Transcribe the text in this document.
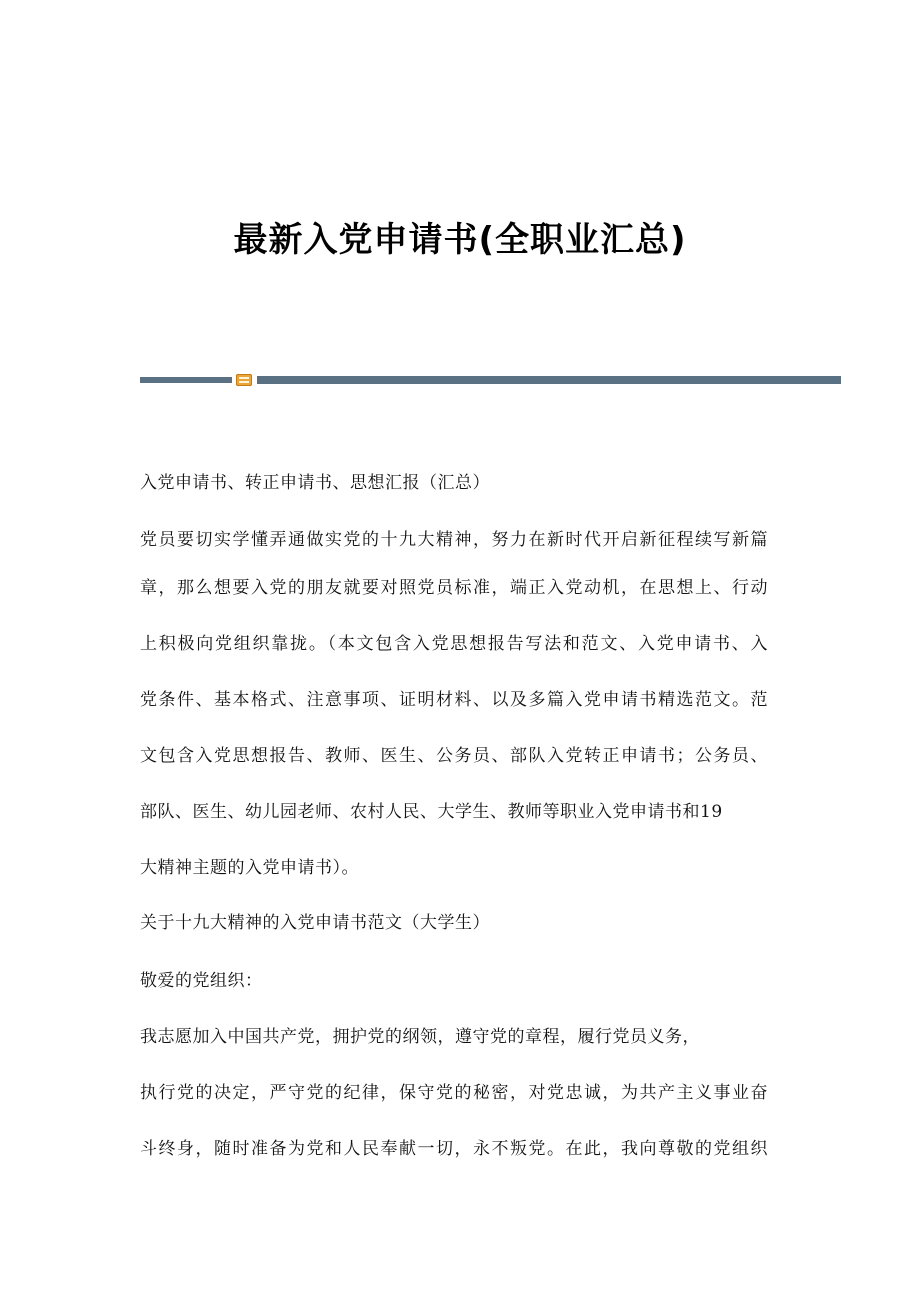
最新入党申请书(全职业汇总)
入党申请书、转正申请书、思想汇报（汇总）
党员要切实学懂弄通做实党的十九大精神，努力在新时代开启新征程续写新篇
章，那么想要入党的朋友就要对照党员标准，端正入党动机，在思想上、行动
上积极向党组织靠拢。（本文包含入党思想报告写法和范文、入党申请书、入
党条件、基本格式、注意事项、证明材料、以及多篇入党申请书精选范文。范
文包含入党思想报告、教师、医生、公务员、部队入党转正申请书；公务员、
部队、医生、幼儿园老师、农村人民、大学生、教师等职业入党申请书和19
大精神主题的入党申请书）。
关于十九大精神的入党申请书范文（大学生）
敬爱的党组织：
我志愿加入中国共产党，拥护党的纲领，遵守党的章程，履行党员义务，
执行党的决定，严守党的纪律，保守党的秘密，对党忠诚，为共产主义事业奋
斗终身，随时准备为党和人民奉献一切，永不叛党。在此，我向尊敬的党组织
